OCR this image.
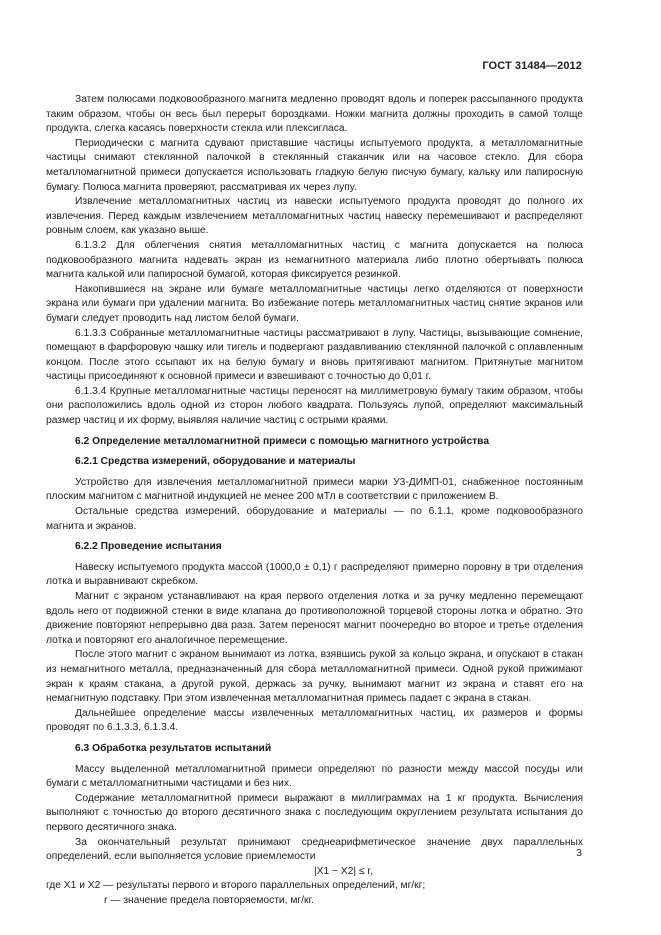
ГОСТ 31484—2012

Затем полюсами подковообразного магнита медленно проводят вдоль и поперек рассыпанного продукта таким образом, чтобы он весь был перерыт бороздками. Ножки магнита должны проходить в самой толще продукта, слегка касаясь поверхности стекла или плексигласа.

Периодически с магнита сдувают приставшие частицы испытуемого продукта, а металломагнитные частицы снимают стеклянной палочкой в стеклянный стаканчик или на часовое стекло. Для сбора металломагнитной примеси допускается использовать гладкую белую писчую бумагу, кальку или папиросную бумагу. Полюса магнита проверяют, рассматривая их через лупу.

Извлечение металломагнитных частиц из навески испытуемого продукта проводят до полного их извлечения. Перед каждым извлечением металломагнитных частиц навеску перемешивают и распределяют ровным слоем, как указано выше.

6.1.3.2 Для облегчения снятия металломагнитных частиц с магнита допускается на полюса подковообразного магнита надевать экран из немагнитного материала либо плотно обертывать полюса магнита калькой или папиросной бумагой, которая фиксируется резинкой.

Накопившиеся на экране или бумаге металломагнитные частицы легко отделяются от поверхности экрана или бумаги при удалении магнита. Во избежание потерь металломагнитных частиц снятие экранов или бумаги следует проводить над листом белой бумаги.

6.1.3.3 Собранные металломагнитные частицы рассматривают в лупу. Частицы, вызывающие сомнение, помещают в фарфоровую чашку или тигель и подвергают раздавливанию стеклянной палочкой с оплавленным концом. После этого ссыпают их на белую бумагу и вновь притягивают магнитом. Притянутые магнитом частицы присоединяют к основной примеси и взвешивают с точностью до 0,01 г.

6.1.3.4 Крупные металломагнитные частицы переносят на миллиметровую бумагу таким образом, чтобы они расположились вдоль одной из сторон любого квадрата. Пользуясь лупой, определяют максимальный размер частиц и их форму, выявляя наличие частиц с острыми краями.

6.2 Определение металломагнитной примеси с помощью магнитного устройства

6.2.1 Средства измерений, оборудование и материалы

Устройство для извлечения металломагнитной примеси марки У3-ДИМП-01, снабженное постоянным плоским магнитом с магнитной индукцией не менее 200 мТл в соответствии с приложением В.

Остальные средства измерений, оборудование и материалы — по 6.1.1, кроме подковообразного магнита и экранов.

6.2.2 Проведение испытания

Навеску испытуемого продукта массой (1000,0 ± 0,1) г распределяют примерно поровну в три отделения лотка и выравнивают скребком.

Магнит с экраном устанавливают на края первого отделения лотка и за ручку медленно перемещают вдоль него от подвижной стенки в виде клапана до противоположной торцевой стороны лотка и обратно. Это движение повторяют непрерывно два раза. Затем переносят магнит поочередно во второе и третье отделения лотка и повторяют его аналогичное перемещение.

После этого магнит с экраном вынимают из лотка, взявшись рукой за кольцо экрана, и опускают в стакан из немагнитного металла, предназначенный для сбора металломагнитной примеси. Одной рукой прижимают экран к краям стакана, а другой рукой, держась за ручку, вынимают магнит из экрана и ставят его на немагнитную подставку. При этом извлеченная металломагнитная примесь падает с экрана в стакан.

Дальнейшее определение массы извлеченных металломагнитных частиц, их размеров и формы проводят по 6.1.3.3, 6.1.3.4.

6.3 Обработка результатов испытаний

Массу выделенной металломагнитной примеси определяют по разности между массой посуды или бумаги с металломагнитными частицами и без них.

Содержание металломагнитной примеси выражают в миллиграммах на 1 кг продукта. Вычисления выполняют с точностью до второго десятичного знака с последующим округлением результата испытания до первого десятичного знака.

За окончательный результат принимают среднеарифметическое значение двух параллельных определений, если выполняется условие приемлемости

|X1 − X2| ≤ r,

где X1 и X2 — результаты первого и второго параллельных определений, мг/кг;

r — значение предела повторяемости, мг/кг.

3
